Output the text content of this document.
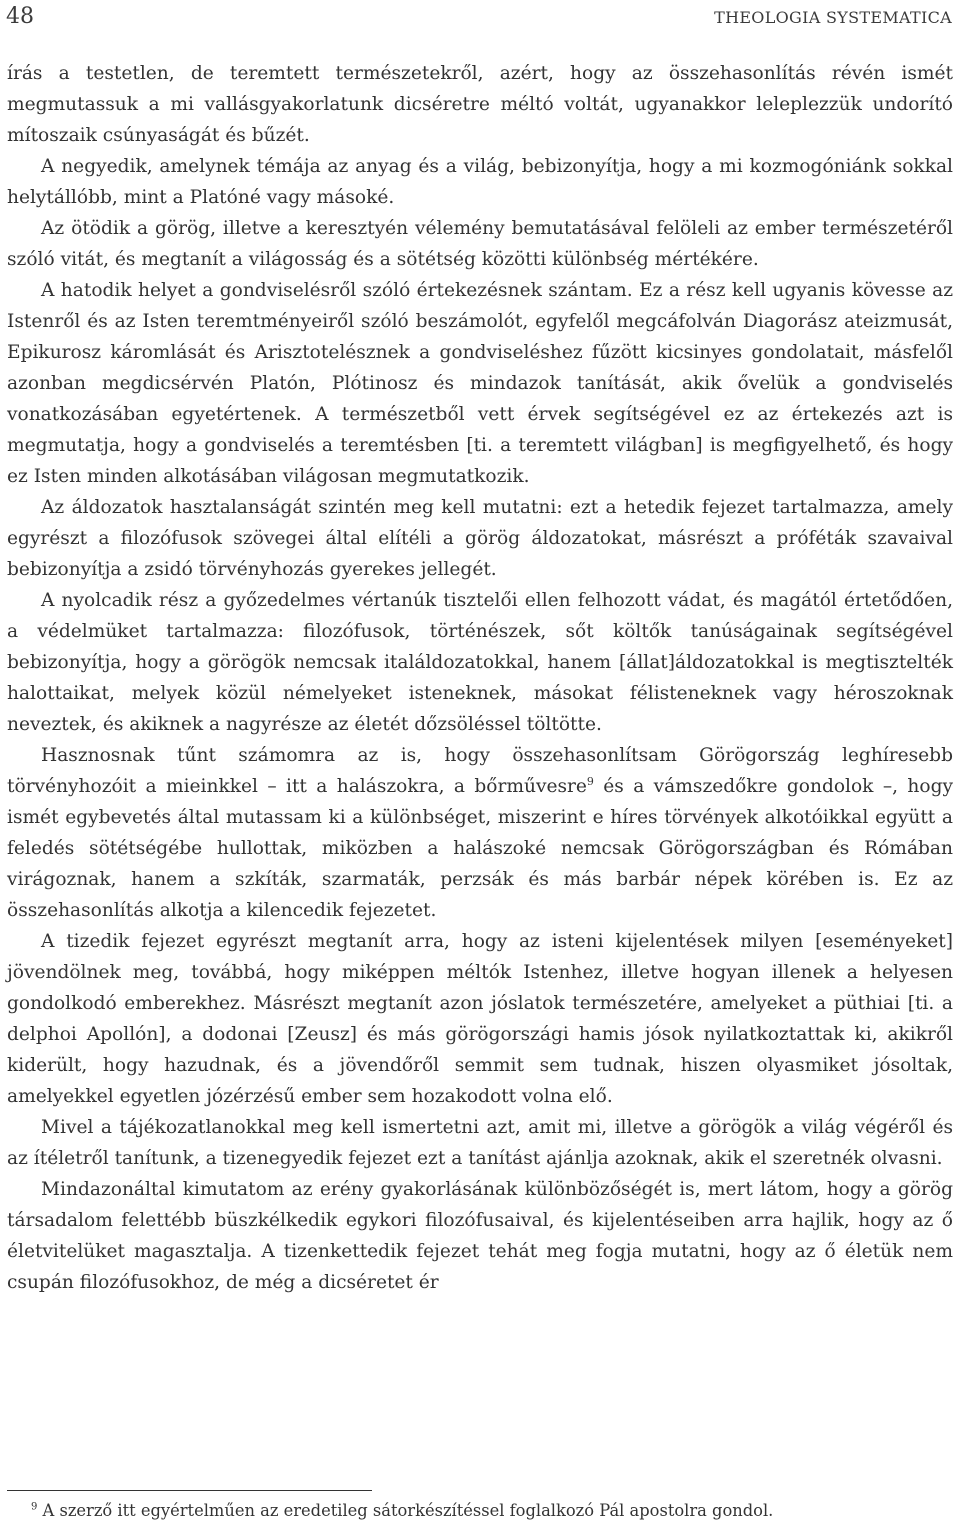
48	THEOLOGIA SYSTEMATICA

írás a testetlen, de teremtett természetekről, azért, hogy az összehasonlítás révén ismét megmutassuk a mi vallásgyakorlatunk dicséretre méltó voltát, ugyanakkor leleplezzük undorító mítoszaik csúnyaságát és bűzét.

A negyedik, amelynek témája az anyag és a világ, bebizonyítja, hogy a mi kozmogóniánk sokkal helytállóbb, mint a Platóné vagy másoké.

Az ötödik a görög, illetve a keresztyén vélemény bemutatásával felöleli az ember természetéről szóló vitát, és megtanít a világosság és a sötétség közötti különbség mértékére.

A hatodik helyet a gondviselésről szóló értekezésnek szántam. Ez a rész kell ugyanis kövesse az Istenről és az Isten teremtményeiről szóló beszámolót, egyfelől megcáfolván Diagorász ateizmusát, Epikurosz káromlását és Arisztotelésznek a gondviseléshez fűzött kicsinyes gondolatait, másfelől azonban megdicsérvén Platón, Plótinosz és mindazok tanítását, akik ővelük a gondviselés vonatkozásában egyetértenek. A természetből vett érvek segítségével ez az értekezés azt is megmutatja, hogy a gondviselés a teremtésben [ti. a teremtett világban] is megfigyelhető, és hogy ez Isten minden alkotásában világosan megmutatkozik.

Az áldozatok hasztalanságát szintén meg kell mutatni: ezt a hetedik fejezet tartalmazza, amely egyrészt a filozófusok szövegei által elítéli a görög áldozatokat, másrészt a próféták szavaival bebizonyítja a zsidó törvényhozás gyerekes jellegét.

A nyolcadik rész a győzedelmes vértanúk tisztelői ellen felhozott vádat, és magától értetődően, a védelmüket tartalmazza: filozófusok, történészek, sőt költők tanúságainak segítségével bebizonyítja, hogy a görögök nemcsak italáldozatokkal, hanem [állat]áldozatokkal is megtisztelték halottaikat, melyek közül némelyeket isteneknek, másokat félisteneknek vagy héroszoknak neveztek, és akiknek a nagyrésze az életét dőzsöléssel töltötte.

Hasznosnak tűnt számomra az is, hogy összehasonlítsam Görögország leghíresebb törvényhozóit a mieinkkel – itt a halászokra, a bőrművesre$^9$ és a vámszedőkre gondolok –, hogy ismét egybevetés által mutassam ki a különbséget, miszerint e híres törvények alkotóikkal együtt a feledés sötétségébe hullottak, miközben a halászoké nemcsak Görögországban és Rómában virágoznak, hanem a szkíták, szarmaták, perzsák és más barbár népek körében is. Ez az összehasonlítás alkotja a kilencedik fejezetet.

A tizedik fejezet egyrészt megtanít arra, hogy az isteni kijelentések milyen [eseményeket] jövendölnek meg, továbbá, hogy miképpen méltók Istenhez, illetve hogyan illenek a helyesen gondolkodó emberekhez. Másrészt megtanít azon jóslatok természetére, amelyeket a püthiai [ti. a delphoi Apollón], a dodonai [Zeusz] és más görögországi hamis jósok nyilatkoztattak ki, akikről kiderült, hogy hazudnak, és a jövendőről semmit sem tudnak, hiszen olyasmiket jósoltak, amelyekkel egyetlen józérzésű ember sem hozakodott volna elő.

Mivel a tájékozatlanokkal meg kell ismertetni azt, amit mi, illetve a görögök a világ végéről és az ítéletről tanítunk, a tizenegyedik fejezet ezt a tanítást ajánlja azoknak, akik el szeretnék olvasni.

Mindazonáltal kimutatom az erény gyakorlásának különbözőségét is, mert látom, hogy a görög társadalom felettébb büszkélkedik egykori filozófusaival, és kijelentéseiben arra hajlik, hogy az ő életvitelüket magasztalja. A tizenkettedik fejezet tehát meg fogja mutatni, hogy az ő életük nem csupán filozófusokhoz, de még a dicséretet ér

$^9$ A szerző itt egyértelműen az eredetileg sátorkészítéssel foglalkozó Pál apostolra gondol.
